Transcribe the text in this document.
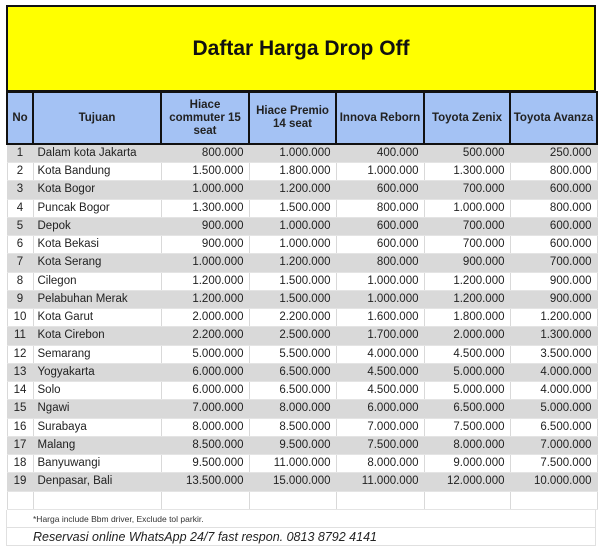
Daftar Harga Drop Off
No	Tujuan	Hiace commuter 15 seat	Hiace Premio 14 seat	Innova Reborn	Toyota Zenix	Toyota Avanza
1	Dalam kota Jakarta	800.000	1.000.000	400.000	500.000	250.000
2	Kota Bandung	1.500.000	1.800.000	1.000.000	1.300.000	800.000
3	Kota Bogor	1.000.000	1.200.000	600.000	700.000	600.000
4	Puncak Bogor	1.300.000	1.500.000	800.000	1.000.000	800.000
5	Depok	900.000	1.000.000	600.000	700.000	600.000
6	Kota Bekasi	900.000	1.000.000	600.000	700.000	600.000
7	Kota Serang	1.000.000	1.200.000	800.000	900.000	700.000
8	Cilegon	1.200.000	1.500.000	1.000.000	1.200.000	900.000
9	Pelabuhan Merak	1.200.000	1.500.000	1.000.000	1.200.000	900.000
10	Kota Garut	2.000.000	2.200.000	1.600.000	1.800.000	1.200.000
11	Kota Cirebon	2.200.000	2.500.000	1.700.000	2.000.000	1.300.000
12	Semarang	5.000.000	5.500.000	4.000.000	4.500.000	3.500.000
13	Yogyakarta	6.000.000	6.500.000	4.500.000	5.000.000	4.000.000
14	Solo	6.000.000	6.500.000	4.500.000	5.000.000	4.000.000
15	Ngawi	7.000.000	8.000.000	6.000.000	6.500.000	5.000.000
16	Surabaya	8.000.000	8.500.000	7.000.000	7.500.000	6.500.000
17	Malang	8.500.000	9.500.000	7.500.000	8.000.000	7.000.000
18	Banyuwangi	9.500.000	11.000.000	8.000.000	9.000.000	7.500.000
19	Denpasar, Bali	13.500.000	15.000.000	11.000.000	12.000.000	10.000.000

*Harga include Bbm driver, Exclude tol parkir.
Reservasi online WhatsApp 24/7 fast respon. 0813 8792 4141
